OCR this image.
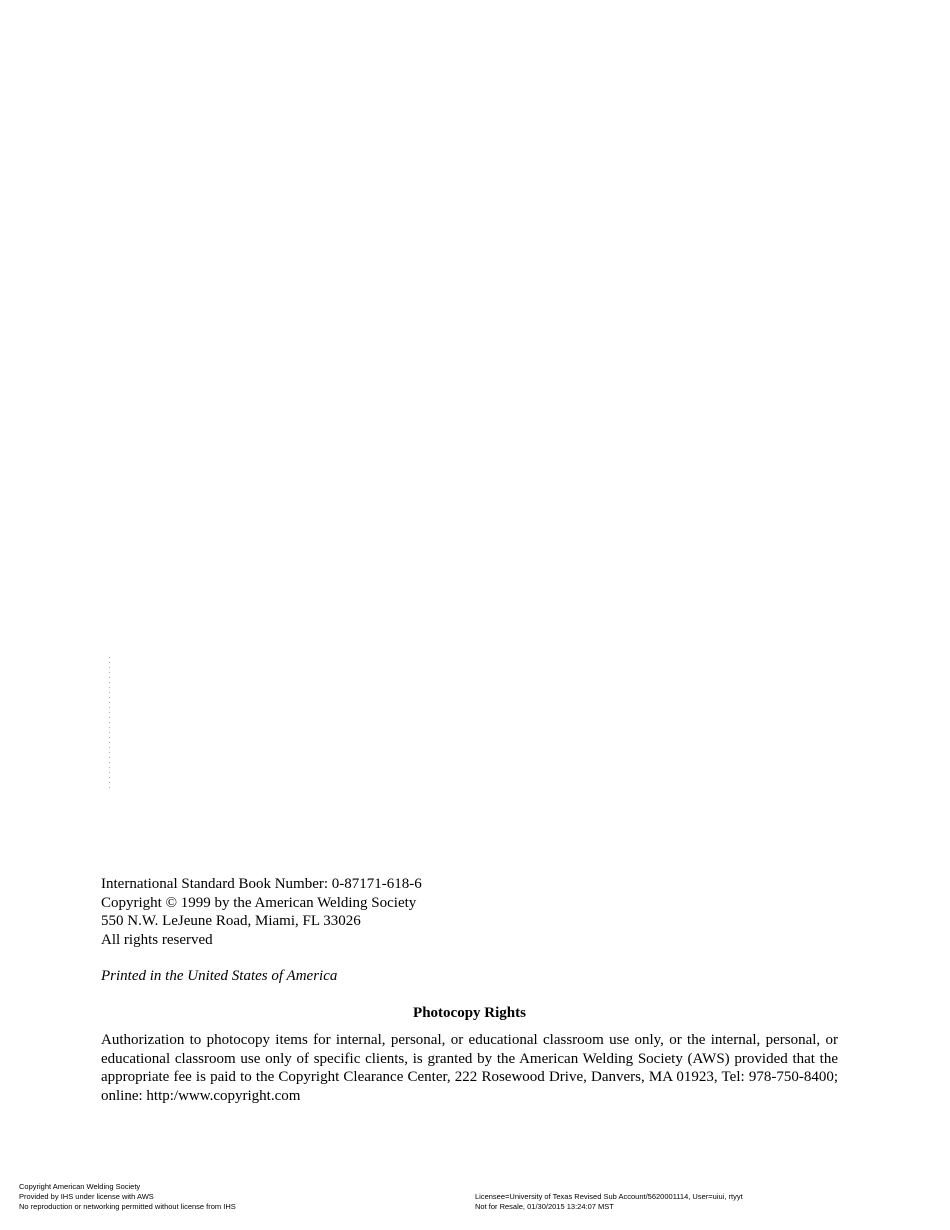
International Standard Book Number: 0-87171-618-6
Copyright © 1999 by the American Welding Society
550 N.W. LeJeune Road, Miami, FL 33026
All rights reserved
Printed in the United States of America
Photocopy Rights
Authorization to photocopy items for internal, personal, or educational classroom use only, or the internal, personal, or
educational classroom use only of specific clients, is granted by the American Welding Society (AWS) provided that the
appropriate fee is paid to the Copyright Clearance Center, 222 Rosewood Drive, Danvers, MA 01923, Tel: 978-750-8400;
online: http:/www.copyright.com
Copyright American Welding Society
Provided by IHS under license with AWS
No reproduction or networking permitted without license from IHS
Licensee=University of Texas Revised Sub Account/5620001114, User=uiui, rtyyt
Not for Resale, 01/30/2015 13:24:07 MST
